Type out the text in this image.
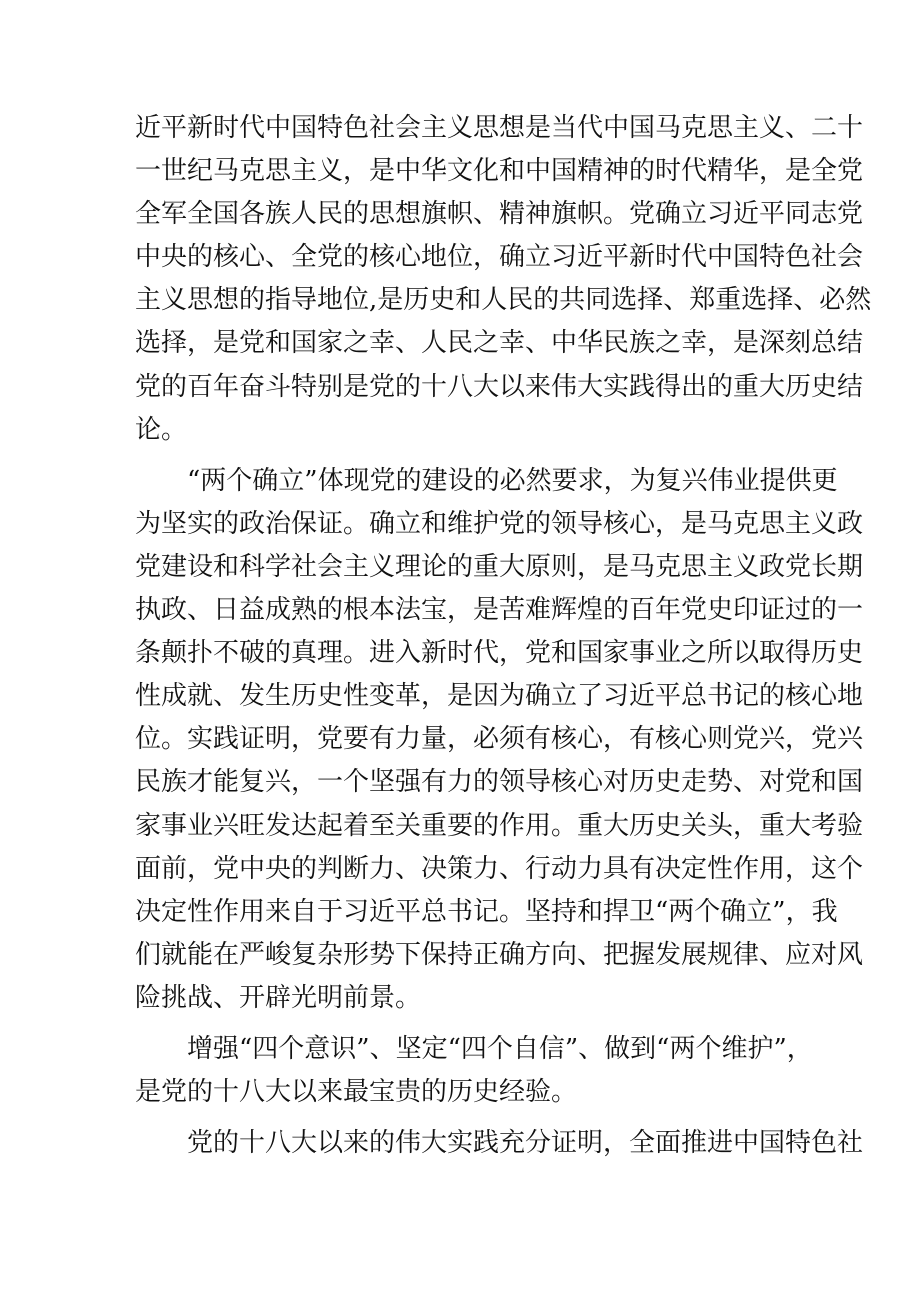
近平新时代中国特色社会主义思想是当代中国马克思主义、二十
一世纪马克思主义，是中华文化和中国精神的时代精华，是全党
全军全国各族人民的思想旗帜、精神旗帜。党确立习近平同志党
中央的核心、全党的核心地位，确立习近平新时代中国特色社会
主义思想的指导地位,是历史和人民的共同选择、郑重选择、必然
选择，是党和国家之幸、人民之幸、中华民族之幸，是深刻总结
党的百年奋斗特别是党的十八大以来伟大实践得出的重大历史结
论。
“两个确立”体现党的建设的必然要求，为复兴伟业提供更
为坚实的政治保证。确立和维护党的领导核心，是马克思主义政
党建设和科学社会主义理论的重大原则，是马克思主义政党长期
执政、日益成熟的根本法宝，是苦难辉煌的百年党史印证过的一
条颠扑不破的真理。进入新时代，党和国家事业之所以取得历史
性成就、发生历史性变革，是因为确立了习近平总书记的核心地
位。实践证明，党要有力量，必须有核心，有核心则党兴，党兴
民族才能复兴，一个坚强有力的领导核心对历史走势、对党和国
家事业兴旺发达起着至关重要的作用。重大历史关头，重大考验
面前，党中央的判断力、决策力、行动力具有决定性作用，这个
决定性作用来自于习近平总书记。坚持和捍卫“两个确立”，我
们就能在严峻复杂形势下保持正确方向、把握发展规律、应对风
险挑战、开辟光明前景。
增强“四个意识”、坚定“四个自信”、做到“两个维护”，
是党的十八大以来最宝贵的历史经验。
党的十八大以来的伟大实践充分证明，全面推进中国特色社
